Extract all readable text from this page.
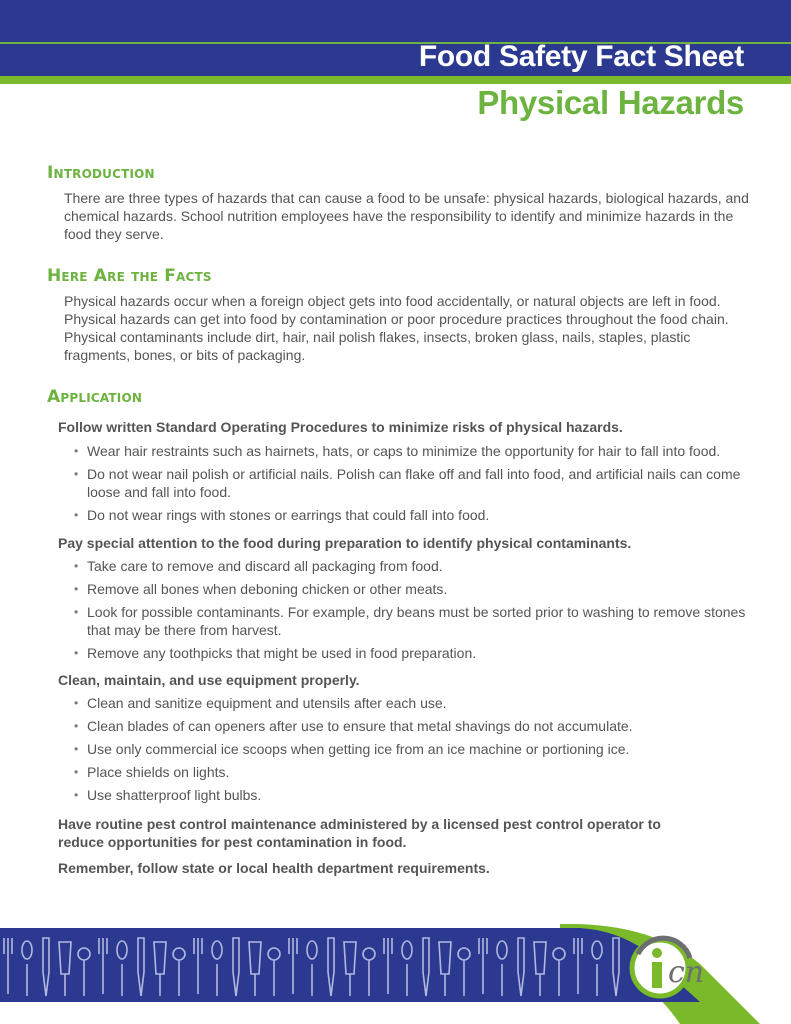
Food Safety Fact Sheet
Physical Hazards
Introduction

There are three types of hazards that can cause a food to be unsafe: physical hazards, biological hazards, and chemical hazards. School nutrition employees have the responsibility to identify and minimize hazards in the food they serve.

Here Are the Facts

Physical hazards occur when a foreign object gets into food accidentally, or natural objects are left in food. Physical hazards can get into food by contamination or poor procedure practices throughout the food chain. Physical contaminants include dirt, hair, nail polish flakes, insects, broken glass, nails, staples, plastic fragments, bones, or bits of packaging.

Application

Follow written Standard Operating Procedures to minimize risks of physical hazards.

• Wear hair restraints such as hairnets, hats, or caps to minimize the opportunity for hair to fall into food.
• Do not wear nail polish or artificial nails. Polish can flake off and fall into food, and artificial nails can come loose and fall into food.
• Do not wear rings with stones or earrings that could fall into food.

Pay special attention to the food during preparation to identify physical contaminants.

• Take care to remove and discard all packaging from food.
• Remove all bones when deboning chicken or other meats.
• Look for possible contaminants. For example, dry beans must be sorted prior to washing to remove stones that may be there from harvest.
• Remove any toothpicks that might be used in food preparation.

Clean, maintain, and use equipment properly.

• Clean and sanitize equipment and utensils after each use.
• Clean blades of can openers after use to ensure that metal shavings do not accumulate.
• Use only commercial ice scoops when getting ice from an ice machine or portioning ice.
• Place shields on lights.
• Use shatterproof light bulbs.

Have routine pest control maintenance administered by a licensed pest control operator to reduce opportunities for pest contamination in food.

Remember, follow state or local health department requirements.

cn
